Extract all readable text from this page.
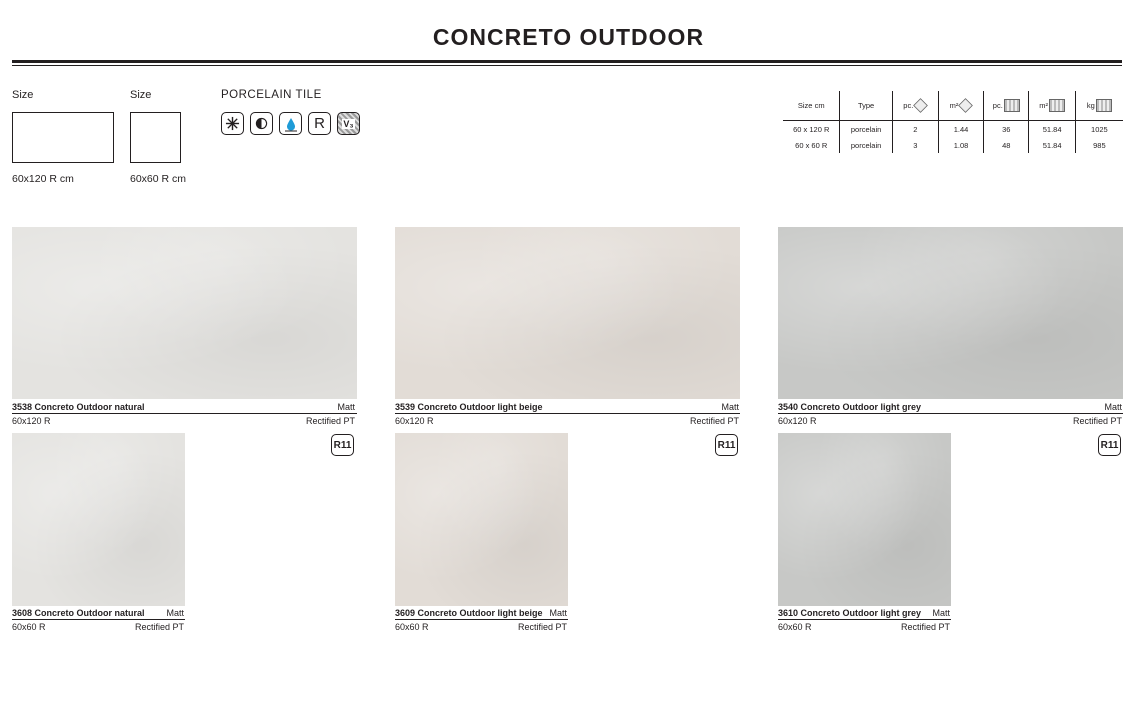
CONCRETO OUTDOOR
Size
60x120 R cm
Size
60x60 R cm
PORCELAIN TILE
R	V₃
Size cm	Type	pc.	m²	pc.	m²	kg

60 x 120 R	porcelain	2	1.44	36	51.84	1025
60 x 60 R	porcelain	3	1.08	48	51.84	985
3538 Concreto Outdoor natural	Matt
60x120 R	Rectified PT
R11
3539 Concreto Outdoor light beige	Matt
60x120 R	Rectified PT
R11
3540 Concreto Outdoor light grey	Matt
60x120 R	Rectified PT
R11
3608 Concreto Outdoor natural	Matt
60x60 R	Rectified PT
3609 Concreto Outdoor light beige Matt
60x60 R	Rectified PT
3610 Concreto Outdoor light grey	Matt
60x60 R	Rectified PT
